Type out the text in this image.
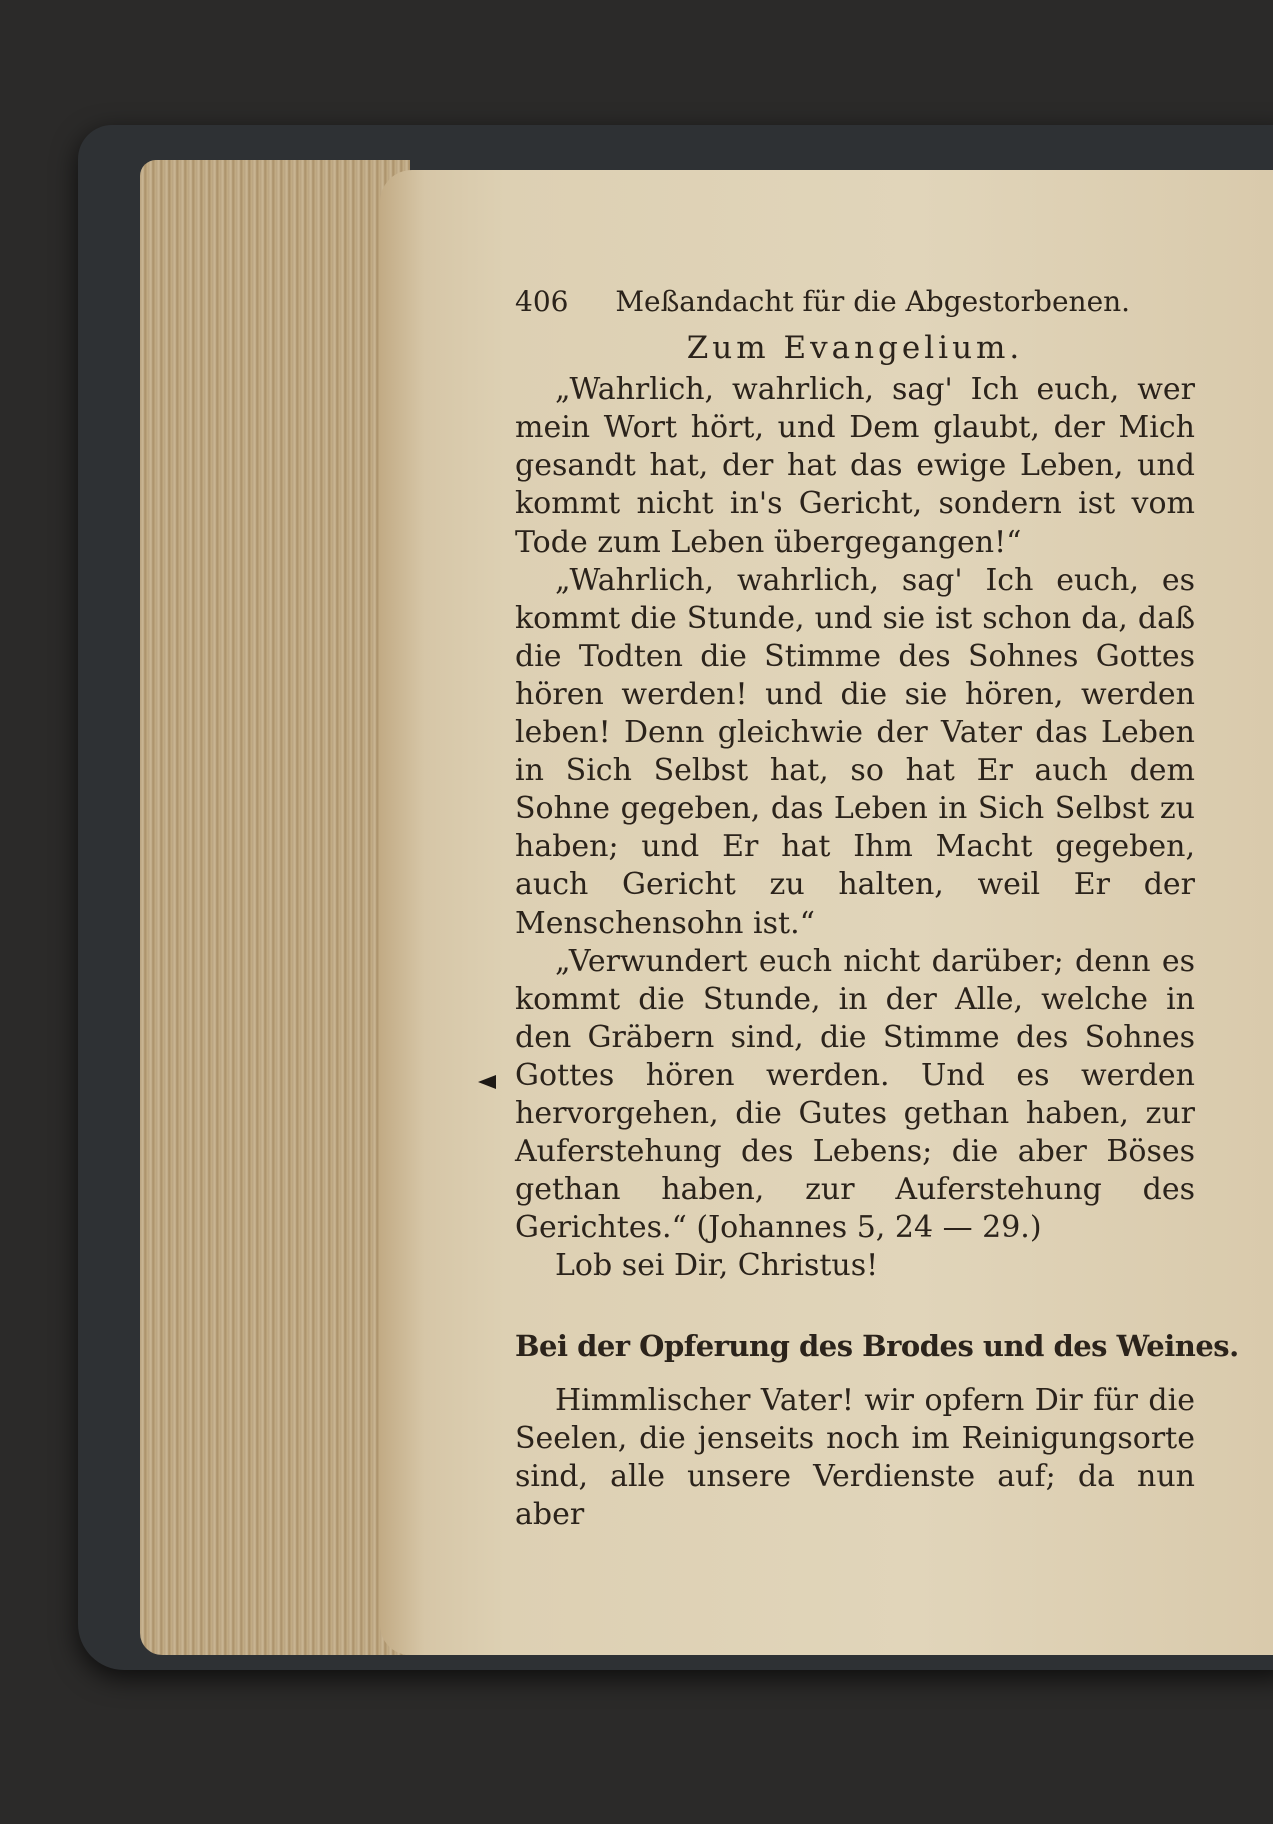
406 Meßandacht für die Abgestorbenen.
Zum Evangelium.

„Wahrlich, wahrlich, sag' Ich euch, wer mein Wort hört, und Dem glaubt, der Mich gesandt hat, der hat das ewige Leben, und kommt nicht in's Gericht, sondern ist vom Tode zum Leben übergegangen!“

„Wahrlich, wahrlich, sag' Ich euch, es kommt die Stunde, und sie ist schon da, daß die Todten die Stimme des Sohnes Gottes hören werden! und die sie hören, werden leben! Denn gleichwie der Vater das Leben in Sich Selbst hat, so hat Er auch dem Sohne gegeben, das Leben in Sich Selbst zu haben; und Er hat Ihm Macht gegeben, auch Gericht zu halten, weil Er der Menschensohn ist.“

„Verwundert euch nicht darüber; denn es kommt die Stunde, in der Alle, welche in den Gräbern sind, die Stimme des Sohnes Gottes hören werden. Und es werden hervorgehen, die Gutes gethan haben, zur Auferstehung des Lebens; die aber Böses gethan haben, zur Auferstehung des Gerichtes.“ (Johannes 5, 24 — 29.)

Lob sei Dir, Christus!

Bei der Opferung des Brodes und des Weines.

Himmlischer Vater! wir opfern Dir für die Seelen, die jenseits noch im Reinigungsorte sind, alle unsere Verdienste auf; da nun aber
